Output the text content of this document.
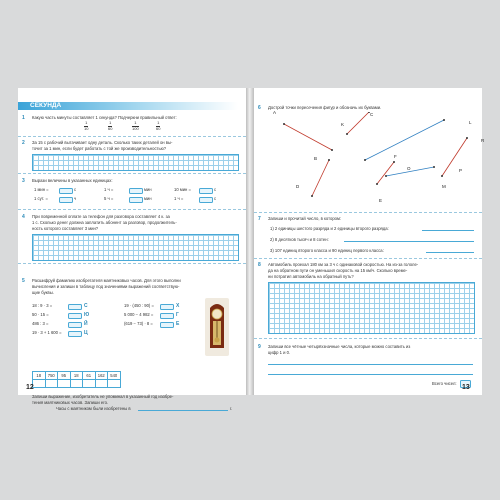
СЕКУНДА
1 Какую часть минуты составляет 1 секунда? Подчеркни правильный ответ:
$\frac{1}{10}$	$\frac{1}{60}$	$\frac{1}{100}$	$\frac{1}{60}$
2 За 15 с рабочий вытачивает одну деталь. Сколько таких деталей он вы-
точит за 1 мин, если будет работать с той же производительностью?
3 Вырази величины в указанных единицах:
1 мин =	с	1 ч =	мин	10 мин =	с
1 сут. =	ч	5 ч =	мин	1 ч =	с
4 При повременной оплате за телефон для разговора составляет 4 к. за
1 с. Сколько денег должна заплатить абонент за разговор, продолжитель-
ность которого составляет 3 мин?
5 Расшифруй фамилию изобретателя маятниковых часов. Для этого выполни
вычисления и запиши в таблицу под значениями выражений соответствую-
щие буквы.
18 : 9 · 3 =	С
50 · 15 =	Ю
486 : 3 =	Й
19 · 3 + 1 600 =	Ц
19 · (450 : 90) =	Х
5 000 − 4 982 =	Г
(619 − 73) · 8 =	Е
18	750	95	18	61	162	540

Запиши выражение, изобретатель не упоминал в указанный год изобре-
тения маятниковых часов. Запиши его.
Часы с маятником были изобретены в	г.
6 Дострой точки пересечения фигур и обозначь их буквами.
A
B
K
C
D
E
F
O
M
P
L
R
7 Запиши и прочитай число, в котором:
1) 2 единицы шестого разряда и 2 единицы второго разряда:
2) 8 десятков тысяч и 8 сотен:
3) 107 единиц второго класса и 90 единиц первого класса:
8 Автомобиль проехал 180 км за 3 ч с одинаковой скоростью. На из-за гололе-
да на обратном пути он уменьшил скорость на 15 км/ч. Сколько време-
ни потратил автомобиль на обратный путь?
9 Запиши все чётные четырёхзначные числа, которые можно составить из
цифр 1 и 0.
Всего чисел:
12	13
